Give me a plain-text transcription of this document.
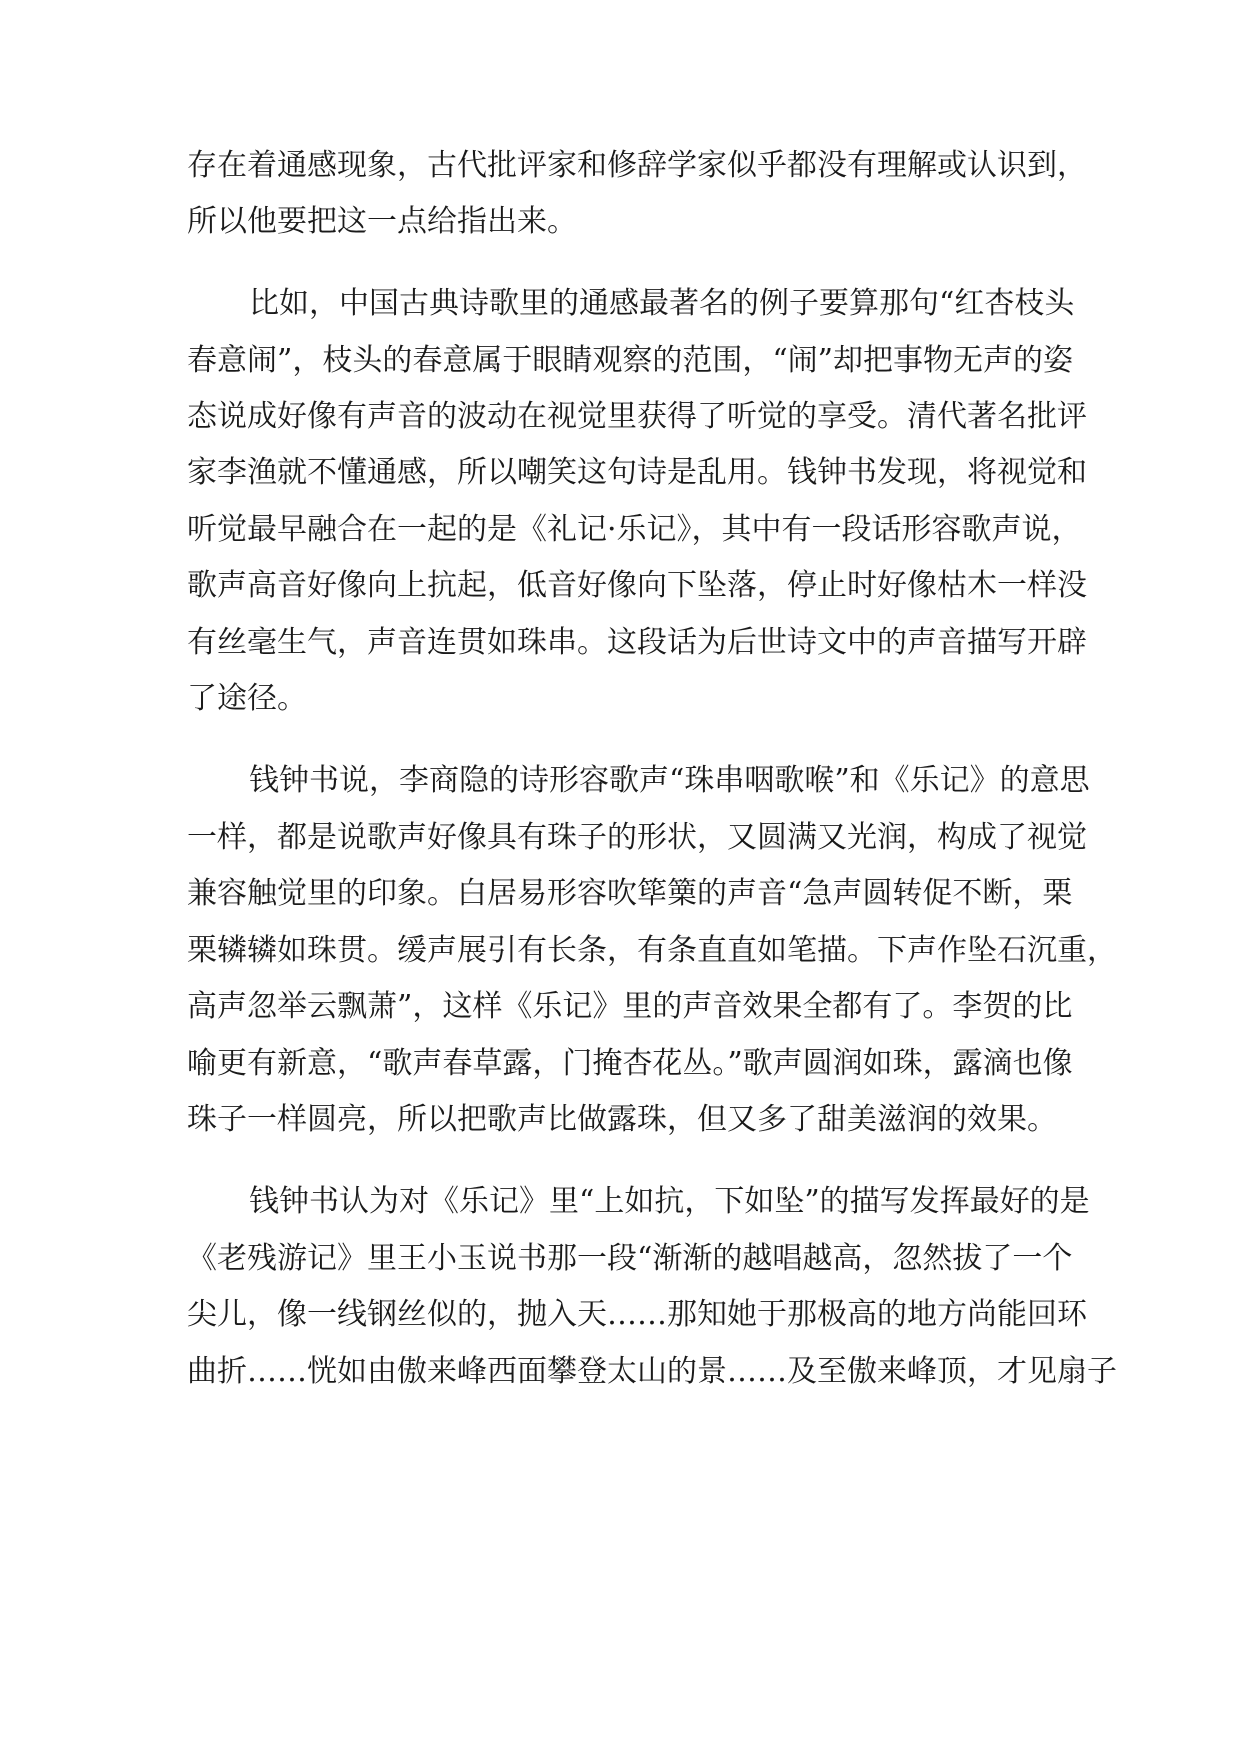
存在着通感现象，古代批评家和修辞学家似乎都没有理解或认识到，
所以他要把这一点给指出来。
比如，中国古典诗歌里的通感最著名的例子要算那句“红杏枝头
春意闹”，枝头的春意属于眼睛观察的范围，“闹”却把事物无声的姿
态说成好像有声音的波动在视觉里获得了听觉的享受。清代著名批评
家李渔就不懂通感，所以嘲笑这句诗是乱用。钱钟书发现，将视觉和
听觉最早融合在一起的是《礼记·乐记》，其中有一段话形容歌声说，
歌声高音好像向上抗起，低音好像向下坠落，停止时好像枯木一样没
有丝毫生气，声音连贯如珠串。这段话为后世诗文中的声音描写开辟
了途径。
钱钟书说，李商隐的诗形容歌声“珠串咽歌喉”和《乐记》的意思
一样，都是说歌声好像具有珠子的形状，又圆满又光润，构成了视觉
兼容触觉里的印象。白居易形容吹筚篥的声音“急声圆转促不断，栗
栗辚辚如珠贯。缓声展引有长条，有条直直如笔描。下声作坠石沉重，
高声忽举云飘萧”，这样《乐记》里的声音效果全都有了。李贺的比
喻更有新意，“歌声春草露，门掩杏花丛。”歌声圆润如珠，露滴也像
珠子一样圆亮，所以把歌声比做露珠，但又多了甜美滋润的效果。
钱钟书认为对《乐记》里“上如抗，下如坠”的描写发挥最好的是
《老残游记》里王小玉说书那一段“渐渐的越唱越高，忽然拔了一个
尖儿，像一线钢丝似的，抛入天……那知她于那极高的地方尚能回环
曲折……恍如由傲来峰西面攀登太山的景……及至傲来峰顶，才见扇子
